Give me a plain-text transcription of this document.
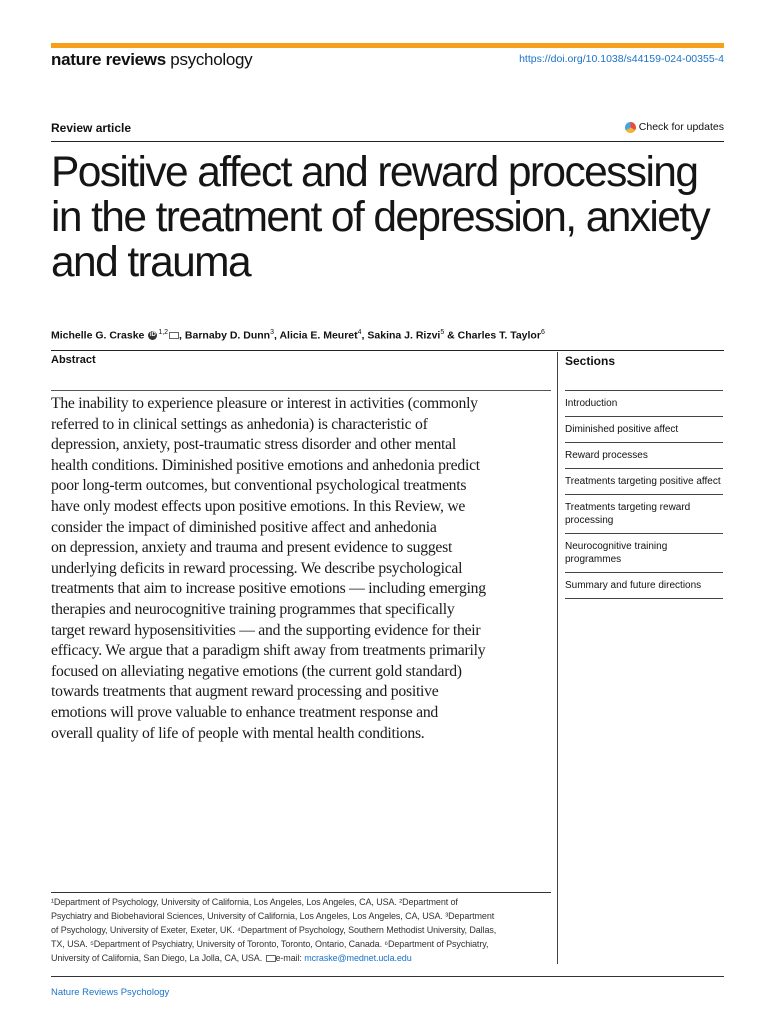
nature reviews psychology	https://doi.org/10.1038/s44159-024-00355-4
Review article	Check for updates
Positive affect and reward processing in the treatment of depression, anxiety and trauma
Michelle G. Craske iD $^{1,2}$ , Barnaby D. Dunn$^3$, Alicia E. Meuret$^4$, Sakina J. Rizvi$^5$ & Charles T. Taylor$^6$
Abstract

The inability to experience pleasure or interest in activities (commonly
referred to in clinical settings as anhedonia) is characteristic of
depression, anxiety, post-traumatic stress disorder and other mental
health conditions. Diminished positive emotions and anhedonia predict
poor long-term outcomes, but conventional psychological treatments
have only modest effects upon positive emotions. In this Review, we
consider the impact of diminished positive affect and anhedonia
on depression, anxiety and trauma and present evidence to suggest
underlying deficits in reward processing. We describe psychological
treatments that aim to increase positive emotions — including emerging
therapies and neurocognitive training programmes that specifically
target reward hyposensitivities — and the supporting evidence for their
efficacy. We argue that a paradigm shift away from treatments primarily
focused on alleviating negative emotions (the current gold standard)
towards treatments that augment reward processing and positive
emotions will prove valuable to enhance treatment response and
overall quality of life of people with mental health conditions.

Sections
Introduction
Diminished positive affect
Reward processes
Treatments targeting positive affect
Treatments targeting reward processing
Neurocognitive training programmes
Summary and future directions

¹Department of Psychology, University of California, Los Angeles, Los Angeles, CA, USA. ²Department of
Psychiatry and Biobehavioral Sciences, University of California, Los Angeles, Los Angeles, CA, USA. ³Department
of Psychology, University of Exeter, Exeter, UK. ⁴Department of Psychology, Southern Methodist University, Dallas,
TX, USA. ⁵Department of Psychiatry, University of Toronto, Toronto, Ontario, Canada. ⁶Department of Psychiatry,
University of California, San Diego, La Jolla, CA, USA. e-mail: mcraske@mednet.ucla.edu

Nature Reviews Psychology
